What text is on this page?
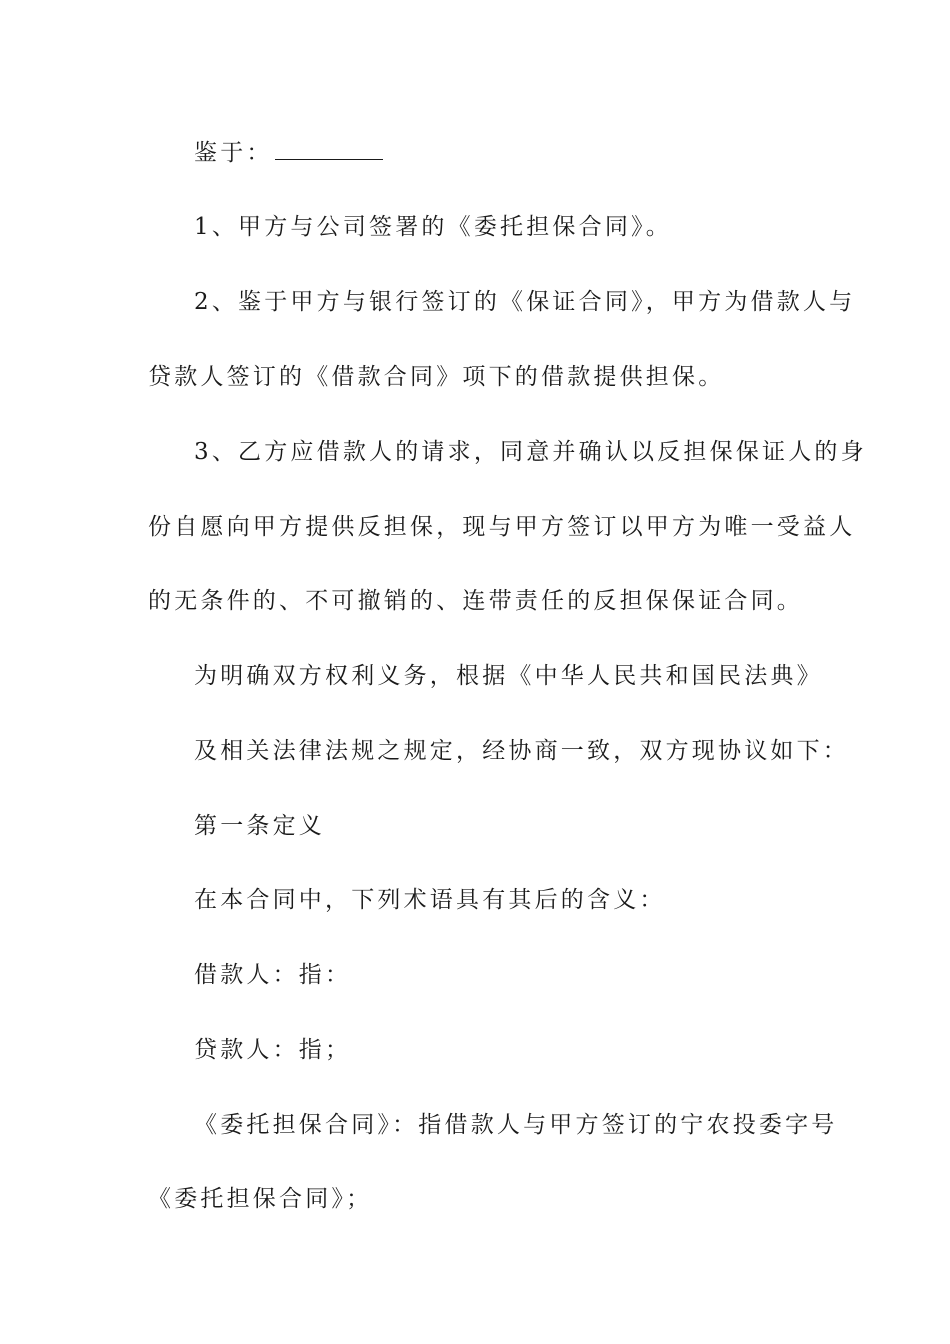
鉴于：
1、甲方与公司签署的《委托担保合同》。
2、鉴于甲方与银行签订的《保证合同》，甲方为借款人与
贷款人签订的《借款合同》项下的借款提供担保。
3、乙方应借款人的请求，同意并确认以反担保保证人的身
份自愿向甲方提供反担保，现与甲方签订以甲方为唯一受益人
的无条件的、不可撤销的、连带责任的反担保保证合同。
为明确双方权利义务，根据《中华人民共和国民法典》
及相关法律法规之规定，经协商一致，双方现协议如下：
第一条定义
在本合同中，下列术语具有其后的含义：
借款人：指：
贷款人：指；
《委托担保合同》：指借款人与甲方签订的宁农投委字号
《委托担保合同》；
